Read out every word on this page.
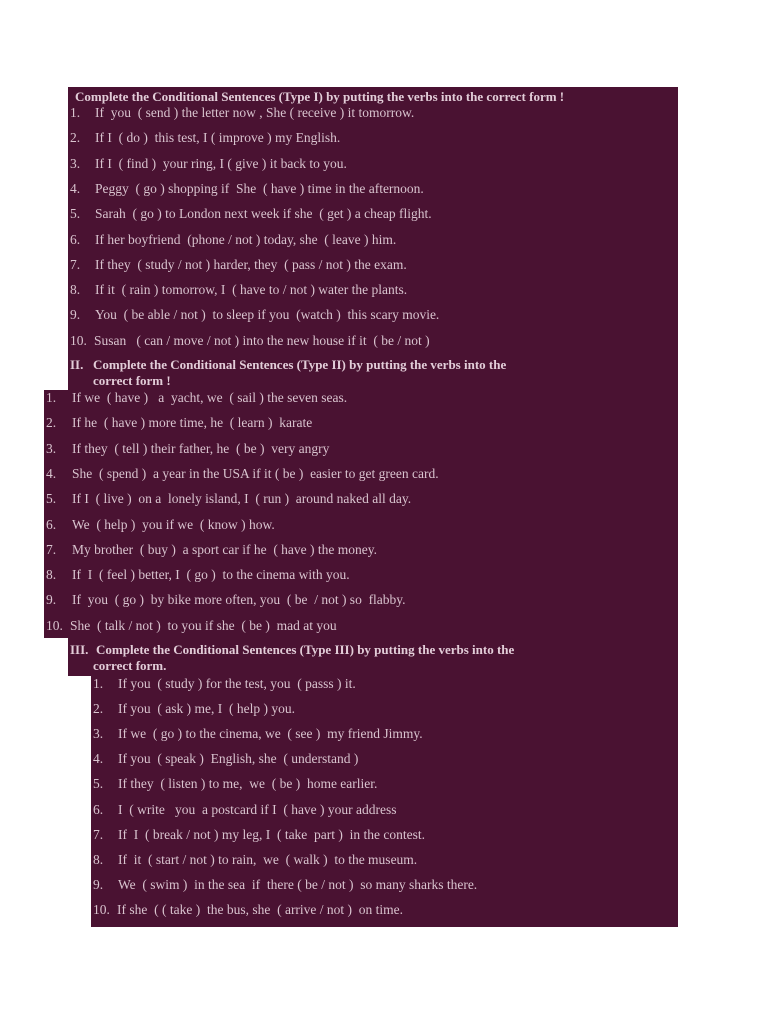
Complete the Conditional Sentences (Type I) by putting the verbs into the correct form !
1. If  you  ( send ) the letter now , She ( receive ) it tomorrow.
2. If I  ( do )  this test, I ( improve ) my English.
3. If I  ( find )  your ring, I ( give ) it back to you.
4. Peggy  ( go ) shopping if  She  ( have ) time in the afternoon.
5. Sarah  ( go ) to London next week if she  ( get ) a cheap flight.
6. If her boyfriend  (phone / not ) today, she  ( leave ) him.
7. If they  ( study / not ) harder, they  ( pass / not ) the exam.
8. If it  ( rain ) tomorrow, I  ( have to / not ) water the plants.
9. You  ( be able / not )  to sleep if you  (watch )  this scary movie.
10. Susan   ( can / move / not ) into the new house if it  ( be / not )
II. Complete the Conditional Sentences (Type II) by putting the verbs into the
correct form !
1. If we  ( have )   a  yacht, we  ( sail ) the seven seas.
2. If he  ( have ) more time, he  ( learn )  karate
3. If they  ( tell ) their father, he  ( be )  very angry
4. She  ( spend )  a year in the USA if it ( be )  easier to get green card.
5. If I  ( live )  on a  lonely island, I  ( run )  around naked all day.
6. We  ( help )  you if we  ( know ) how.
7. My brother  ( buy )  a sport car if he  ( have ) the money.
8. If  I  ( feel ) better, I  ( go )  to the cinema with you.
9. If  you  ( go )  by bike more often, you  ( be  / not ) so  flabby.
10. She  ( talk / not )  to you if she  ( be )  mad at you
III. Complete the Conditional Sentences (Type III) by putting the verbs into the
correct form.
1. If you  ( study ) for the test, you  ( passs ) it.
2. If you  ( ask ) me, I  ( help ) you.
3. If we  ( go ) to the cinema, we  ( see )  my friend Jimmy.
4. If you  ( speak )  English, she  ( understand )
5. If they  ( listen ) to me,  we  ( be )  home earlier.
6. I  ( write   you  a postcard if I  ( have ) your address
7. If  I  ( break / not ) my leg, I  ( take  part )  in the contest.
8. If  it  ( start / not ) to rain,  we  ( walk )  to the museum.
9. We  ( swim )  in the sea  if  there ( be / not )  so many sharks there.
10. If she  ( ( take )  the bus, she  ( arrive / not )  on time.
